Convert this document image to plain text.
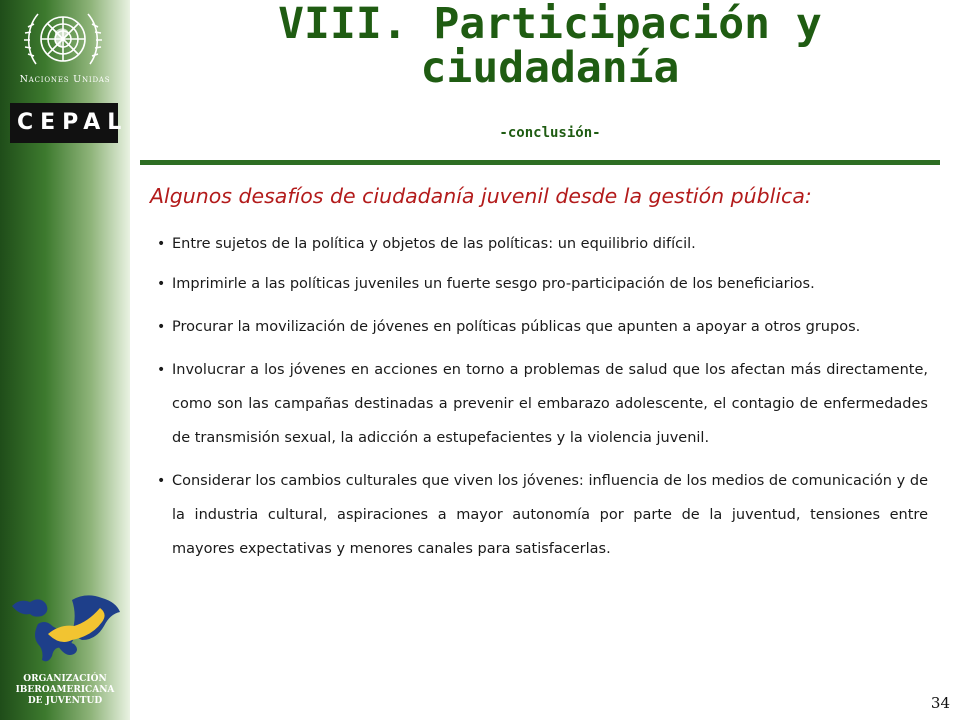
Naciones Unidas
CEPAL
ORGANIZACIÓN
IBEROAMERICANA
DE JUVENTUD
VIII. Participación y
ciudadanía
-conclusión-
Algunos desafíos de ciudadanía juvenil desde la gestión pública:
• Entre sujetos de la política y objetos de las políticas: un equilibrio difícil.
• Imprimirle a las políticas juveniles un fuerte sesgo pro-participación de los beneficiarios.
• Procurar la movilización de jóvenes en políticas públicas que apunten a apoyar a otros grupos.
• Involucrar a los jóvenes en acciones en torno a problemas de salud que los afectan más directamente, como son las campañas destinadas a prevenir el embarazo adolescente, el contagio de enfermedades de transmisión sexual, la adicción a estupefacientes y la violencia juvenil.
• Considerar los cambios culturales que viven los jóvenes: influencia de los medios de comunicación y de la industria cultural, aspiraciones a mayor autonomía por parte de la juventud, tensiones entre mayores expectativas y menores canales para satisfacerlas.
34
